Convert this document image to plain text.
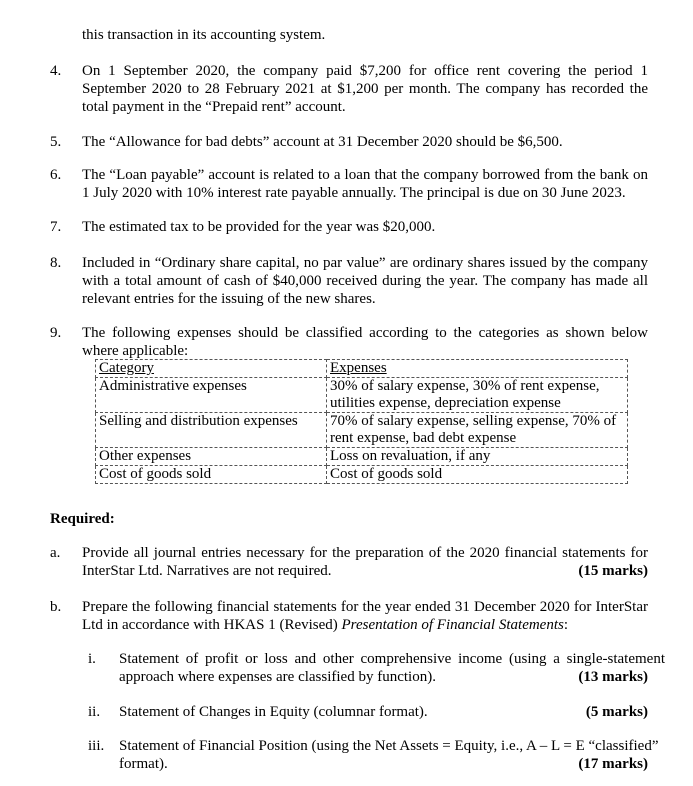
this transaction in its accounting system.
4. On 1 September 2020, the company paid $7,200 for office rent covering the period 1 September 2020 to 28 February 2021 at $1,200 per month. The company has recorded the total payment in the “Prepaid rent” account.
5. The “Allowance for bad debts” account at 31 December 2020 should be $6,500.
6. The “Loan payable” account is related to a loan that the company borrowed from the bank on 1 July 2020 with 10% interest rate payable annually. The principal is due on 30 June 2023.
7. The estimated tax to be provided for the year was $20,000.
8. Included in “Ordinary share capital, no par value” are ordinary shares issued by the company with a total amount of cash of $40,000 received during the year. The company has made all relevant entries for the issuing of the new shares.
9. The following expenses should be classified according to the categories as shown below where applicable:
Category	Expenses
Administrative expenses	30% of salary expense, 30% of rent expense, utilities expense, depreciation expense
Selling and distribution expenses	70% of salary expense, selling expense, 70% of rent expense, bad debt expense
Other expenses	Loss on revaluation, if any
Cost of goods sold	Cost of goods sold
Required:
a. Provide all journal entries necessary for the preparation of the 2020 financial statements for InterStar Ltd. Narratives are not required.	(15 marks)
b. Prepare the following financial statements for the year ended 31 December 2020 for InterStar Ltd in accordance with HKAS 1 (Revised) Presentation of Financial Statements:
i. Statement of profit or loss and other comprehensive income (using a single-statement approach where expenses are classified by function).	(13 marks)
ii. Statement of Changes in Equity (columnar format).	(5 marks)
iii. Statement of Financial Position (using the Net Assets = Equity, i.e., A – L = E “classified” format).	(17 marks)
